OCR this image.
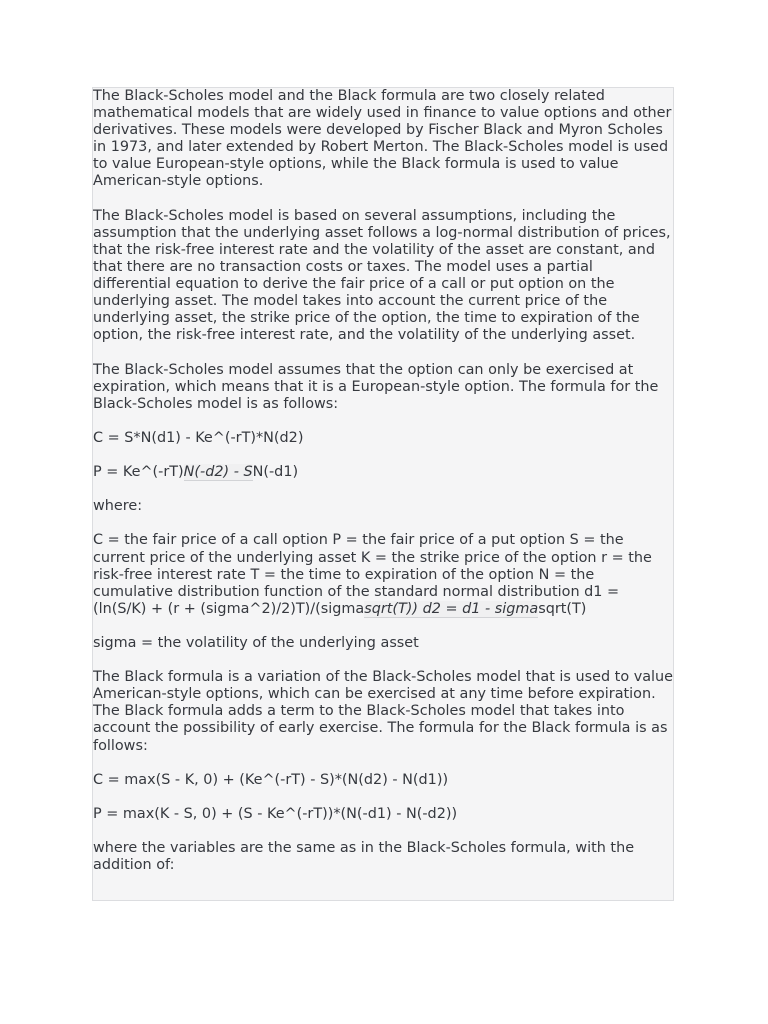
The Black-Scholes model and the Black formula are two closely related mathematical models that are widely used in finance to value options and other derivatives. These models were developed by Fischer Black and Myron Scholes in 1973, and later extended by Robert Merton. The Black-Scholes model is used to value European-style options, while the Black formula is used to value American-style options.

The Black-Scholes model is based on several assumptions, including the assumption that the underlying asset follows a log-normal distribution of prices, that the risk-free interest rate and the volatility of the asset are constant, and that there are no transaction costs or taxes. The model uses a partial differential equation to derive the fair price of a call or put option on the underlying asset. The model takes into account the current price of the underlying asset, the strike price of the option, the time to expiration of the option, the risk-free interest rate, and the volatility of the underlying asset.

The Black-Scholes model assumes that the option can only be exercised at expiration, which means that it is a European-style option. The formula for the Black-Scholes model is as follows:

C = S*N(d1) - Ke^(-rT)*N(d2)

P = Ke^(-rT)N(-d2) - SN(-d1)

where:

C = the fair price of a call option P = the fair price of a put option S = the current price of the underlying asset K = the strike price of the option r = the risk-free interest rate T = the time to expiration of the option N = the cumulative distribution function of the standard normal distribution d1 = (ln(S/K) + (r + (sigma^2)/2)T)/(sigmasqrt(T)) d2 = d1 - sigmasqrt(T)

sigma = the volatility of the underlying asset

The Black formula is a variation of the Black-Scholes model that is used to value American-style options, which can be exercised at any time before expiration. The Black formula adds a term to the Black-Scholes model that takes into account the possibility of early exercise. The formula for the Black formula is as follows:

C = max(S - K, 0) + (Ke^(-rT) - S)*(N(d2) - N(d1))

P = max(K - S, 0) + (S - Ke^(-rT))*(N(-d1) - N(-d2))

where the variables are the same as in the Black-Scholes formula, with the addition of:
